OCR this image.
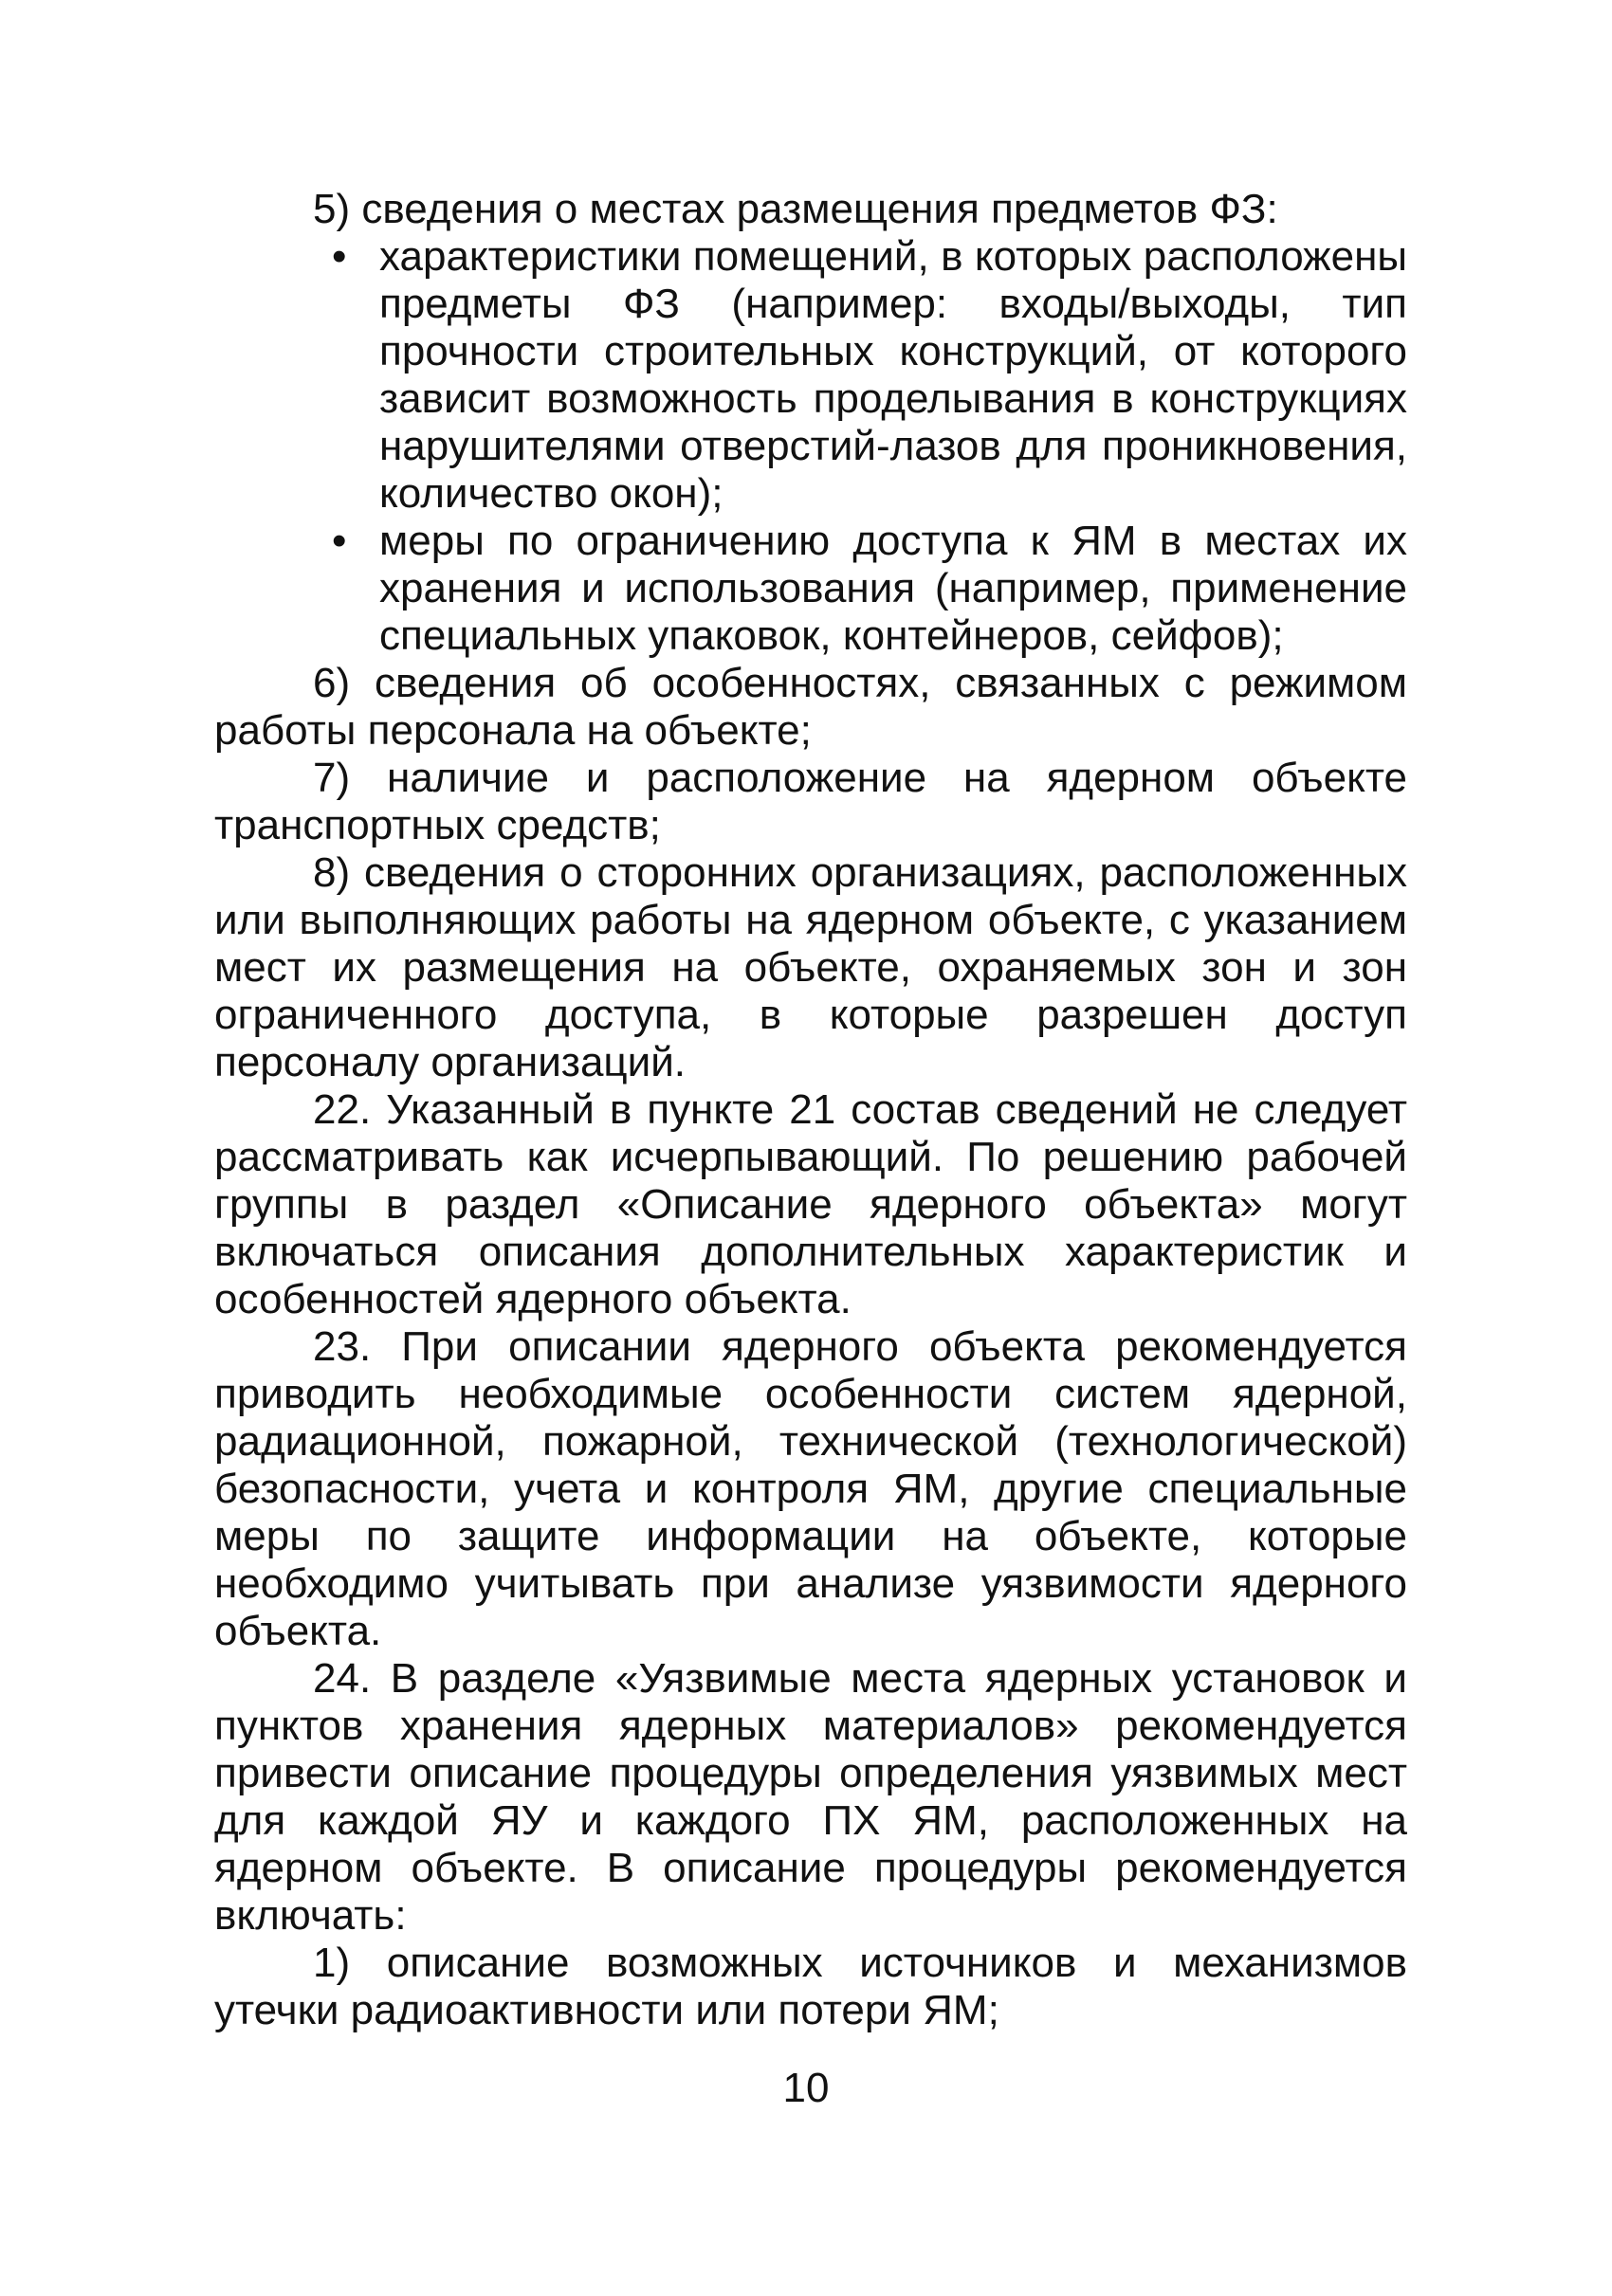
5) сведения о местах размещения предметов ФЗ:

• характеристики помещений, в которых расположены предметы ФЗ (например: входы/выходы, тип прочности строительных конструкций, от которого зависит возможность проделывания в конструкциях нарушителями отверстий-лазов для проникновения, количество окон);

• меры по ограничению доступа к ЯМ в местах их хранения и использования (например, применение специальных упаковок, контейнеров, сейфов);

6) сведения об особенностях, связанных с режимом работы персонала на объекте;

7) наличие и расположение на ядерном объекте транспортных средств;

8) сведения о сторонних организациях, расположенных или выполняющих работы на ядерном объекте, с указанием мест их размещения на объекте, охраняемых зон и зон ограниченного доступа, в которые разрешен доступ персоналу организаций.

22. Указанный в пункте 21 состав сведений не следует рассматривать как исчерпывающий. По решению рабочей группы в раздел «Описание ядерного объекта» могут включаться описания дополнительных характеристик и особенностей ядерного объекта.

23. При описании ядерного объекта рекомендуется приводить необходимые особенности систем ядерной, радиационной, пожарной, технической (технологической) безопасности, учета и контроля ЯМ, другие специальные меры по защите информации на объекте, которые необходимо учитывать при анализе уязвимости ядерного объекта.

24. В разделе «Уязвимые места ядерных установок и пунктов хранения ядерных материалов» рекомендуется привести описание процедуры определения уязвимых мест для каждой ЯУ и каждого ПХ ЯМ, расположенных на ядерном объекте. В описание процедуры рекомендуется включать:

1) описание возможных источников и механизмов утечки радиоактивности или потери ЯМ;

10
